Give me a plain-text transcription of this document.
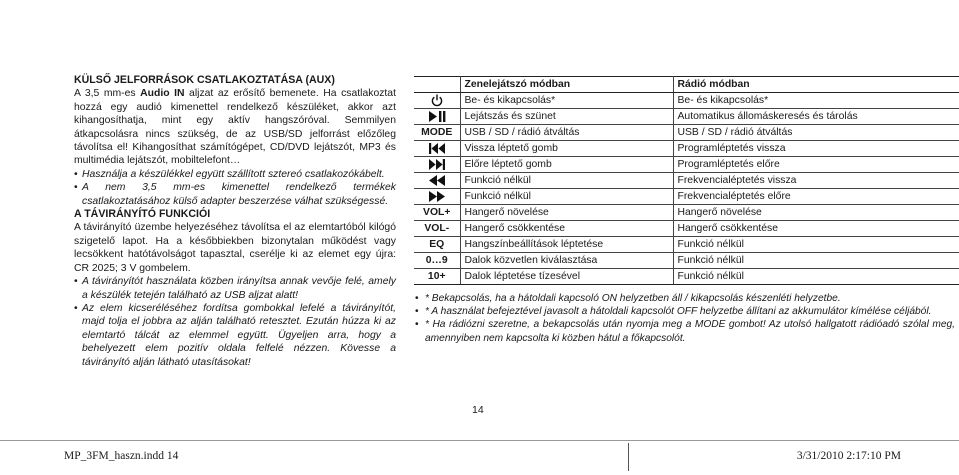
KÜLSŐ JELFORRÁSOK CSATLAKOZTATÁSA (AUX)

A 3,5 mm-es Audio IN aljzat az erősítő bemenete. Ha csatlakoztat hozzá egy audió kimenettel rendelkező készüléket, akkor azt kihangosíthatja, mint egy aktív hangszóróval. Semmilyen átkapcsolásra nincs szükség, de az USB/SD jelforrást előzőleg távolítsa el! Kihangosíthat számítógépet, CD/DVD lejátszót, MP3 és multimédia lejátszót, mobiltelefont…

• Használja a készülékkel együtt szállított sztereó csatlakozókábelt.
• A nem 3,5 mm-es kimenettel rendelkező termékek csatlakoztatásához külső adapter beszerzése válhat szükségessé.
A TÁVIRÁNYÍTÓ FUNKCIÓI

A távirányító üzembe helyezéséhez távolítsa el az elemtartóból kilógó szigetelő lapot. Ha a későbbiekben bizonytalan működést vagy lecsökkent hatótávolságot tapasztal, cserélje ki az elemet egy újra: CR 2025; 3 V gombelem.

• A távirányítót használata közben irányítsa annak vevője felé, amely a készülék tetején található az USB aljzat alatt!
• Az elem kicseréléséhez fordítsa gombokkal lefelé a távirányítót, majd tolja el jobbra az alján található retesztet. Ezután húzza ki az elemtartó tálcát az elemmel együtt. Ügyeljen arra, hogy a behelyezett elem pozitív oldala felfelé nézzen. Kövesse a távirányító alján látható utasításokat!
	Zenelejátszó módban	Rádió módban

	Be- és kikapcsolás*	Be- és kikapcsolás*

	Lejátszás és szünet	Automatikus állomáskeresés és tárolás
MODE	USB / SD / rádió átváltás	USB / SD / rádió átváltás

	Vissza léptető gomb	Programléptetés vissza

	Előre léptető gomb	Programléptetés előre

	Funkció nélkül	Frekvencialéptetés vissza

	Funkció nélkül	Frekvencialéptetés előre
VOL+	Hangerő növelése	Hangerő növelése
VOL-	Hangerő csökkentése	Hangerő csökkentése
EQ	Hangszínbeállítások léptetése	Funkció nélkül
0…9	Dalok közvetlen kiválasztása	Funkció nélkül
10+	Dalok léptetése tízesével	Funkció nélkül
• * Bekapcsolás, ha a hátoldali kapcsoló ON helyzetben áll / kikapcsolás készenléti helyzetbe.
• * A használat befejeztével javasolt a hátoldali kapcsolót OFF helyzetbe állítani az akkumulátor kímélése céljából.
• * Ha rádiózni szeretne, a bekapcsolás után nyomja meg a MODE gombot! Az utolsó hallgatott rádióadó szólal meg, amennyiben nem kapcsolta ki közben hátul a főkapcsolót.
14
MP_3FM_haszn.indd 14	3/31/2010 2:17:10 PM
